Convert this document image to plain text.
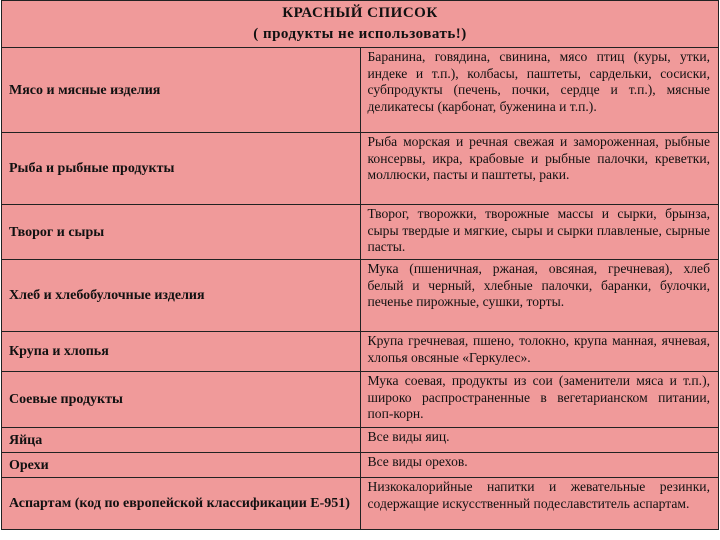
КРАСНЫЙ СПИСОК
( продукты не использовать!)	

Мясо и мясные изделия	Баранина, говядина, свинина, мясо птиц (куры, утки, индеке и т.п.), колбасы, паштеты, сардельки, сосиски, субпродукты (печень, почки, сердце и т.п.), мясные деликатесы (карбонат, буженина и т.п.).

Рыба и рыбные продукты	Рыба морская и речная свежая и замороженная, рыбные консервы, икра, крабовые и рыбные палочки, креветки, моллюски, пасты и паштеты, раки.

Творог и сыры	Творог, творожки, творожные массы и сырки, брынза, сыры твердые и мягкие, сыры и сырки плавленые, сырные пасты.

Хлеб и хлебобулочные изделия	Мука (пшеничная, ржаная, овсяная, гречневая), хлеб белый и черный, хлебные палочки, баранки, булочки, печенье пирожные, сушки, торты.

Крупа и хлопья	Крупа гречневая, пшено, толокно, крупа манная, ячневая, хлопья овсяные «Геркулес».

Соевые продукты	Мука соевая, продукты из сои (заменители мяса и т.п.), широко распространенные в вегетарианском питании, поп-корн.

Яйца	Все виды яиц.

Орехи	Все виды орехов.

Аспартам (код по европейской классификации Е-951)	Низкокалорийные напитки и жевательные резинки, содержащие искусственный подеславститель аспартам.
